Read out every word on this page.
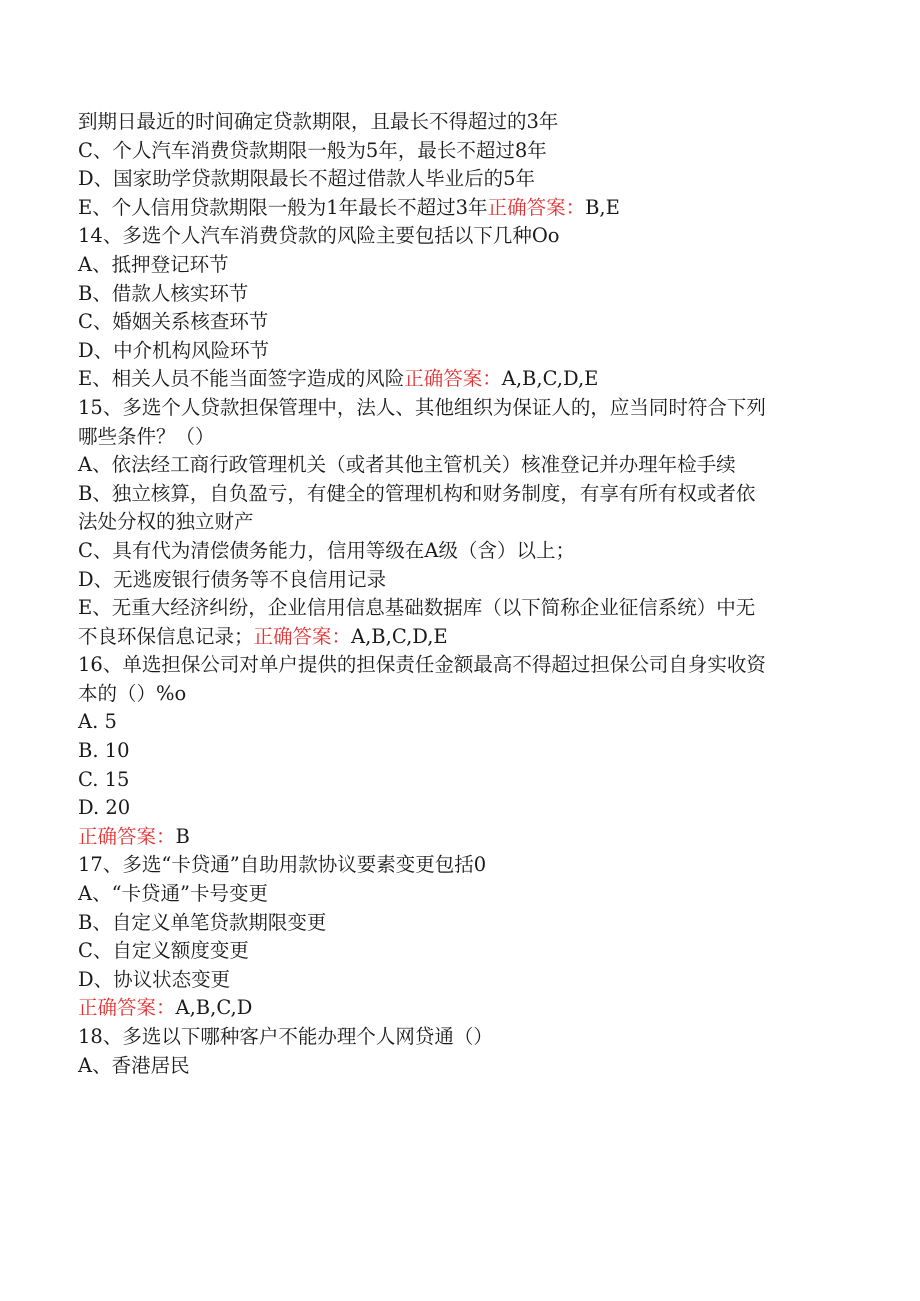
到期日最近的时间确定贷款期限，且最长不得超过的3年
C、个人汽车消费贷款期限一般为5年，最长不超过8年
D、国家助学贷款期限最长不超过借款人毕业后的5年
E、个人信用贷款期限一般为1年最长不超过3年正确答案：B,E
14、多选个人汽车消费贷款的风险主要包括以下几种Oo
A、抵押登记环节
B、借款人核实环节
C、婚姻关系核查环节
D、中介机构风险环节
E、相关人员不能当面签字造成的风险正确答案：A,B,C,D,E
15、多选个人贷款担保管理中，法人、其他组织为保证人的，应当同时符合下列
哪些条件？（）
A、依法经工商行政管理机关（或者其他主管机关）核准登记并办理年检手续
B、独立核算，自负盈亏，有健全的管理机构和财务制度，有享有所有权或者依
法处分权的独立财产
C、具有代为清偿债务能力，信用等级在A级（含）以上；
D、无逃废银行债务等不良信用记录
E、无重大经济纠纷，企业信用信息基础数据库（以下简称企业征信系统）中无
不良环保信息记录；正确答案：A,B,C,D,E
16、单选担保公司对单户提供的担保责任金额最高不得超过担保公司自身实收资
本的（）%o
A. 5
B. 10
C. 15
D. 20
正确答案：B
17、多选“卡贷通”自助用款协议要素变更包括0
A、“卡贷通”卡号变更
B、自定义单笔贷款期限变更
C、自定义额度变更
D、协议状态变更
正确答案：A,B,C,D
18、多选以下哪种客户不能办理个人网贷通（）
A、香港居民
